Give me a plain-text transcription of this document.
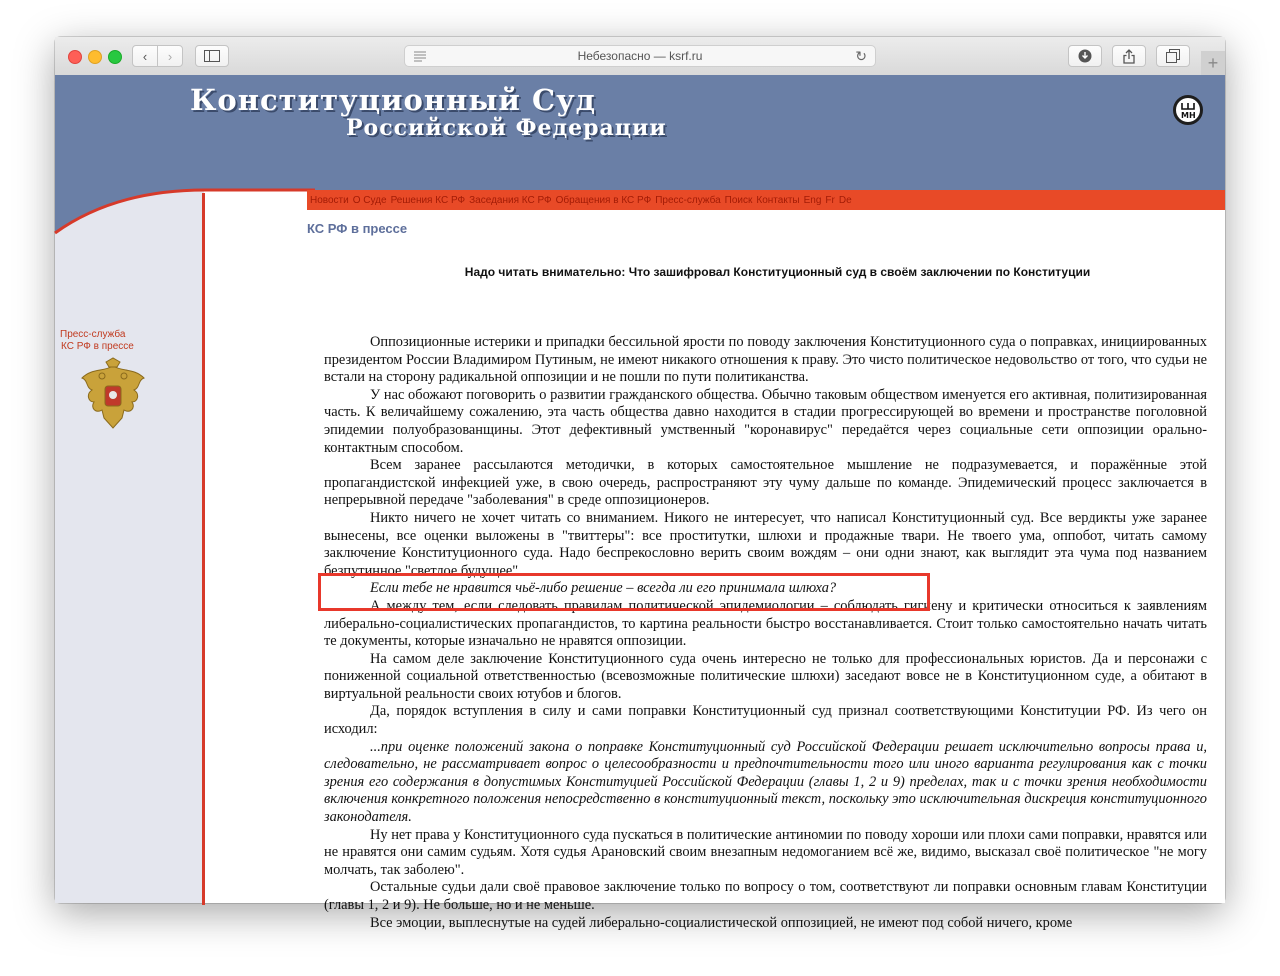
‹ ›	Небезопасно — ksrf.ru	↻	+
Конституционный Суд
Российской Федерации	М Н
Новости О Суде Решения КС РФ Заседания КС РФ Обращения в КС РФ Пресс-служба Поиск Контакты Eng Fr De
Пресс-служба
КС РФ в прессе
КС РФ в прессе
Надо читать внимательно: Что зашифровал Конституционный суд в своём заключении по Конституции

Оппозиционные истерики и припадки бессильной ярости по поводу заключения Конституционного суда о поправках, инициированных президентом России Владимиром Путиным, не имеют никакого отношения к праву. Это чисто политическое недовольство от того, что судьи не встали на сторону радикальной оппозиции и не пошли по пути политиканства.

У нас обожают поговорить о развитии гражданского общества. Обычно таковым обществом именуется его активная, политизированная часть. К величайшему сожалению, эта часть общества давно находится в стадии прогрессирующей во времени и пространстве поголовной эпидемии полуобразованщины. Этот дефективный умственный "коронавирус" передаётся через социальные сети оппозиции орально-контактным способом.

Всем заранее рассылаются методички, в которых самостоятельное мышление не подразумевается, и поражённые этой пропагандистской инфекцией уже, в свою очередь, распространяют эту чуму дальше по команде. Эпидемический процесс заключается в непрерывной передаче "заболевания" в среде оппозиционеров.

Никто ничего не хочет читать со вниманием. Никого не интересует, что написал Конституционный суд. Все вердикты уже заранее вынесены, все оценки выложены в "твиттеры": все проститутки, шлюхи и продажные твари. Не твоего ума, оппобот, читать самому заключение Конституционного суда. Надо беспрекословно верить своим вождям – они одни знают, как выглядит эта чума под названием безпутинное "светлое будущее".

Если тебе не нравится чьё-либо решение – всегда ли его принимала шлюха?

А между тем, если следовать правилам политической эпидемиологии – соблюдать гигиену и критически относиться к заявлениям либерально-социалистических пропагандистов, то картина реальности быстро восстанавливается. Стоит только самостоятельно начать читать те документы, которые изначально не нравятся оппозиции.

На самом деле заключение Конституционного суда очень интересно не только для профессиональных юристов. Да и персонажи с пониженной социальной ответственностью (всевозможные политические шлюхи) заседают вовсе не в Конституционном суде, а обитают в виртуальной реальности своих ютубов и блогов.

Да, порядок вступления в силу и сами поправки Конституционный суд признал соответствующими Конституции РФ. Из чего он исходил:

...при оценке положений закона о поправке Конституционный суд Российской Федерации решает исключительно вопросы права и, следовательно, не рассматривает вопрос о целесообразности и предпочтительности того или иного варианта регулирования как с точки зрения его содержания в допустимых Конституцией Российской Федерации (главы 1, 2 и 9) пределах, так и с точки зрения необходимости включения конкретного положения непосредственно в конституционный текст, поскольку это исключительная дискреция конституционного законодателя.

Ну нет права у Конституционного суда пускаться в политические антиномии по поводу хороши или плохи сами поправки, нравятся или не нравятся они самим судьям. Хотя судья Арановский своим внезапным недомоганием всё же, видимо, высказал своё политическое "не могу молчать, так заболею".

Остальные судьи дали своё правовое заключение только по вопросу о том, соответствуют ли поправки основным главам Конституции (главы 1, 2 и 9). Не больше, но и не меньше.

Все эмоции, выплеснутые на судей либерально-социалистической оппозицией, не имеют под собой ничего, кроме
